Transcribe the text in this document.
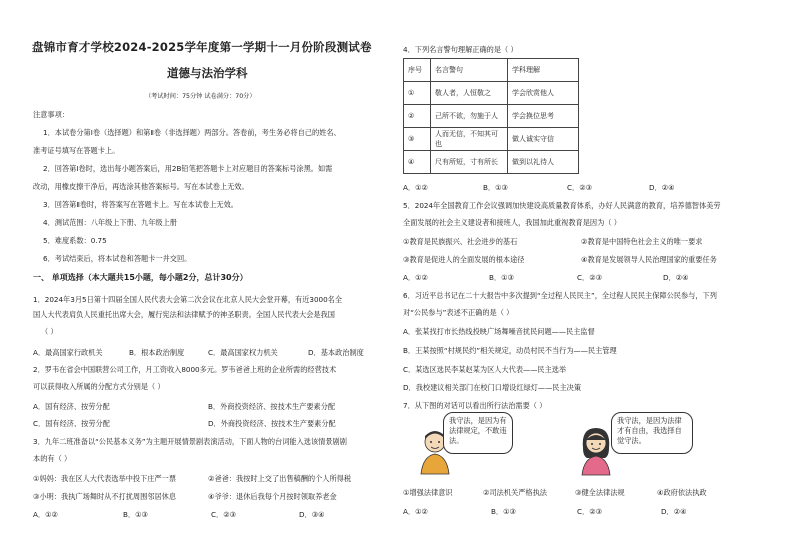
盘锦市育才学校2024-2025学年度第一学期十一月份阶段测试卷
道德与法治学科
（考试时间：75分钟 试卷满分：70分）
注意事项：
1．本试卷分第Ⅰ卷（选择题）和第Ⅱ卷（非选择题）两部分。答卷前，考生务必将自己的姓名、
准考证号填写在答题卡上。
2．回答第Ⅰ卷时，选出每小题答案后，用2B铅笔把答题卡上对应题目的答案标号涂黑。如需
改动，用橡皮擦干净后，再选涂其他答案标号。写在本试卷上无效。
3．回答第Ⅱ卷时，将答案写在答题卡上。写在本试卷上无效。
4．测试范围：八年级上下册、九年级上册
5．难度系数：0.75
6．考试结束后，将本试卷和答题卡一并交回。
一、 单项选择（本大题共15小题，每小题2分，总计30分）
1．2024年3月5日第十四届全国人民代表大会第二次会议在北京人民大会堂开幕，有近3000名全
国人大代表肩负人民重托出席大会，履行宪法和法律赋予的神圣职责。全国人民代表大会是我国
（ ）
A．最高国家行政机关	B．根本政治制度	C．最高国家权力机关	D．基本政治制度
2．罗韦在省会中国联营公司工作，月工资收入8000多元。罗韦爸爸上班的企业所需的经营技术
可以获得收入所属的分配方式分别是（ ）
A．国有经济、按劳分配	B．外商投资经济、按技术生产要素分配
C．国有经济、按劳分配	D．外商投资经济、按技术生产要素分配
3．九年二班准备以“公民基本义务”为主题开展情景剧表演活动，下面人物的台词能入选该情景剧剧
本的有（ ）
①妈妈：我在区人大代表选举中投下庄严一票	②爸爸：我按时上交了出售稿酬的个人所得税
③小明：我执广场舞时从不打扰周围邻居休息	④爷爷：退休后我每个月按时领取养老金
A．①②	B．①③	C．②③	D．③④
4．下列名言警句理解正确的是（ ）
序号	名言警句	学科理解
①	敬人者，人恒敬之	学会欣赏他人
②	己所不欲，勿施于人	学会换位思考
③	人而无信，不知其可也	做人诚实守信
④	尺有所短，寸有所长	做到以礼待人
A．①②	B．①③	C．②③	D．②④
5．2024年全国教育工作会议强调加快建设高质量教育体系，办好人民满意的教育，培养德智体美劳
全面发展的社会主义建设者和接班人，我国加此重视教育是因为（ ）
①教育是民族振兴、社会进步的基石	②教育是中国特色社会主义的唯一要求
③教育是促进人的全面发展的根本途径	④教育是发展领导人民治理国家的重要任务
A．①②	B．①③	C．②③	D．②④
6．习近平总书记在二十大报告中多次提到“全过程人民民主”，全过程人民民主保障公民参与，下列
对“公民参与”表述不正确的是（ ）
A．张某找打市长热线投映广场舞噪音扰民问题——民主监督
B．王某按照“村规民约”相关规定，动员村民不当行为——民主管理
C．某选区选民李某赵某为区人大代表——民主选举
D．我校建议相关部门在校门口增设红绿灯——民主决策
7．从下图的对话可以看出所行法治需要（ ）
我守法，是因为有法律规定，不敢违法。
我守法，是因为法律才有自由，我选择自觉守法。
①增强法律意识	②司法机关严格执法	③健全法律法规	④政府依法执政
A．①②	B．①③	C．②③	D．②④
